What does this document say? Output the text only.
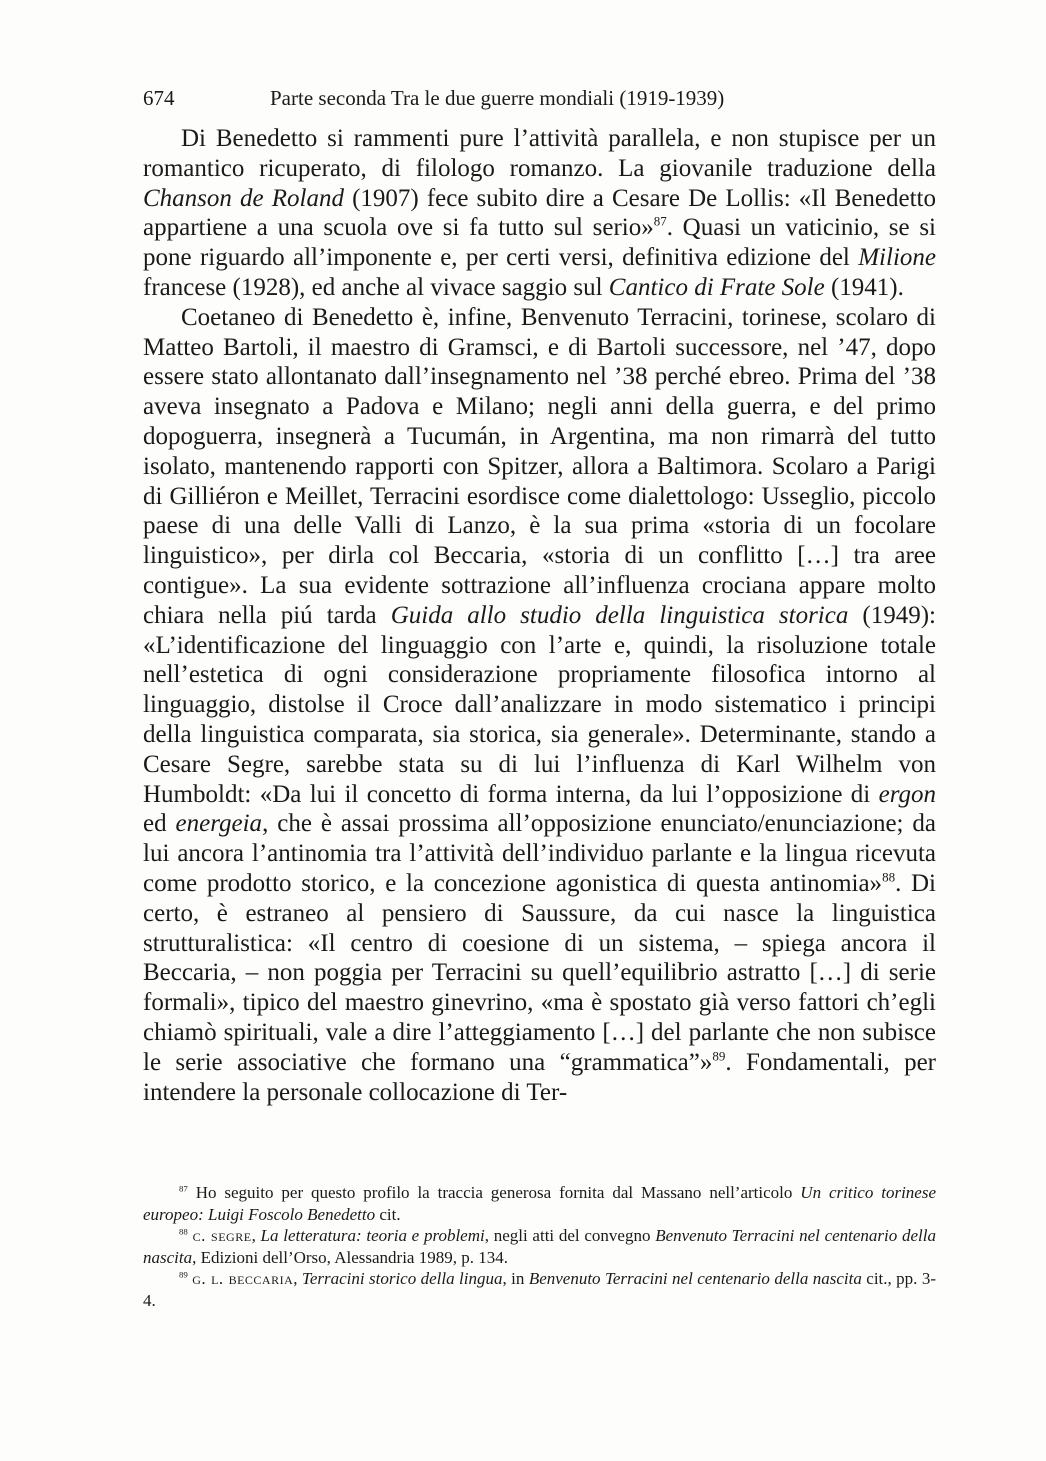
674	Parte seconda Tra le due guerre mondiali (1919-1939)

Di Benedetto si rammenti pure l’attività parallela, e non stupisce per un romantico ricuperato, di filologo romanzo. La giovanile traduzione della Chanson de Roland (1907) fece subito dire a Cesare De Lollis: «Il Benedetto appartiene a una scuola ove si fa tutto sul serio»$^{87}$. Quasi un vaticinio, se si pone riguardo all’imponente e, per certi versi, definitiva edizione del Milione francese (1928), ed anche al vivace saggio sul Cantico di Frate Sole (1941).

Coetaneo di Benedetto è, infine, Benvenuto Terracini, torinese, scolaro di Matteo Bartoli, il maestro di Gramsci, e di Bartoli successore, nel ’47, dopo essere stato allontanato dall’insegnamento nel ’38 perché ebreo. Prima del ’38 aveva insegnato a Padova e Milano; negli anni della guerra, e del primo dopoguerra, insegnerà a Tucumán, in Argentina, ma non rimarrà del tutto isolato, mantenendo rapporti con Spitzer, allora a Baltimora. Scolaro a Parigi di Gilliéron e Meillet, Terracini esordisce come dialettologo: Usseglio, piccolo paese di una delle Valli di Lanzo, è la sua prima «storia di un focolare linguistico», per dirla col Beccaria, «storia di un conflitto […] tra aree contigue». La sua evidente sottrazione all’influenza crociana appare molto chiara nella piú tarda Guida allo studio della linguistica storica (1949): «L’identificazione del linguaggio con l’arte e, quindi, la risoluzione totale nell’estetica di ogni considerazione propriamente filosofica intorno al linguaggio, distolse il Croce dall’analizzare in modo sistematico i principi della linguistica comparata, sia storica, sia generale». Determinante, stando a Cesare Segre, sarebbe stata su di lui l’influenza di Karl Wilhelm von Humboldt: «Da lui il concetto di forma interna, da lui l’opposizione di ergon ed energeia, che è assai prossima all’opposizione enunciato/enunciazione; da lui ancora l’antinomia tra l’attività dell’individuo parlante e la lingua ricevuta come prodotto storico, e la concezione agonistica di questa antinomia»$^{88}$. Di certo, è estraneo al pensiero di Saussure, da cui nasce la linguistica strutturalistica: «Il centro di coesione di un sistema, – spiega ancora il Beccaria, – non poggia per Terracini su quell’equilibrio astratto […] di serie formali», tipico del maestro ginevrino, «ma è spostato già verso fattori ch’egli chiamò spirituali, vale a dire l’atteggiamento […] del parlante che non subisce le serie associative che formano una “grammatica”»$^{89}$. Fondamentali, per intendere la personale collocazione di Ter-

$^{87}$ Ho seguito per questo profilo la traccia generosa fornita dal Massano nell’articolo Un critico torinese europeo: Luigi Foscolo Benedetto cit.

$^{88}$ c. segre, La letteratura: teoria e problemi, negli atti del convegno Benvenuto Terracini nel centenario della nascita, Edizioni dell’Orso, Alessandria 1989, p. 134.

$^{89}$ g. l. beccaria, Terracini storico della lingua, in Benvenuto Terracini nel centenario della nascita cit., pp. 3-4.
